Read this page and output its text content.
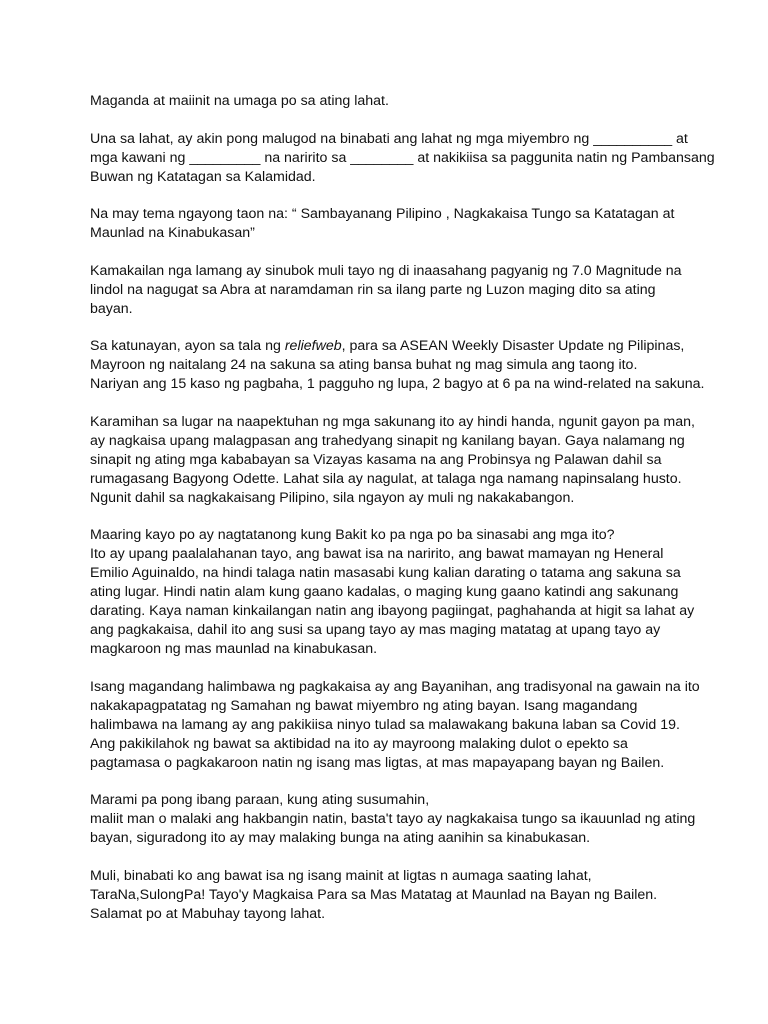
Maganda at maiinit na umaga po sa ating lahat.

Una sa lahat, ay akin pong malugod na binabati ang lahat ng mga miyembro ng __________ at
mga kawani ng _________ na naririto sa ________ at nakikiisa sa paggunita natin ng Pambansang
Buwan ng Katatagan sa Kalamidad.

Na may tema ngayong taon na: “ Sambayanang Pilipino , Nagkakaisa Tungo sa Katatagan at
Maunlad na Kinabukasan”

Kamakailan nga lamang ay sinubok muli tayo ng di inaasahang pagyanig ng 7.0 Magnitude na
lindol na nagugat sa Abra at naramdaman rin sa ilang parte ng Luzon maging dito sa ating
bayan.

Sa katunayan, ayon sa tala ng reliefweb, para sa ASEAN Weekly Disaster Update ng Pilipinas,
Mayroon ng naitalang 24 na sakuna sa ating bansa buhat ng mag simula ang taong ito.
Nariyan ang 15 kaso ng pagbaha, 1 pagguho ng lupa, 2 bagyo at 6 pa na wind-related na sakuna.

Karamihan sa lugar na naapektuhan ng mga sakunang ito ay hindi handa, ngunit gayon pa man,
ay nagkaisa upang malagpasan ang trahedyang sinapit ng kanilang bayan. Gaya nalamang ng
sinapit ng ating mga kababayan sa Vizayas kasama na ang Probinsya ng Palawan dahil sa
rumagasang Bagyong Odette. Lahat sila ay nagulat, at talaga nga namang napinsalang husto.
Ngunit dahil sa nagkakaisang Pilipino, sila ngayon ay muli ng nakakabangon.

Maaring kayo po ay nagtatanong kung Bakit ko pa nga po ba sinasabi ang mga ito?
Ito ay upang paalalahanan tayo, ang bawat isa na naririto, ang bawat mamayan ng Heneral
Emilio Aguinaldo, na hindi talaga natin masasabi kung kalian darating o tatama ang sakuna sa
ating lugar. Hindi natin alam kung gaano kadalas, o maging kung gaano katindi ang sakunang
darating. Kaya naman kinkailangan natin ang ibayong pagiingat, paghahanda at higit sa lahat ay
ang pagkakaisa, dahil ito ang susi sa upang tayo ay mas maging matatag at upang tayo ay
magkaroon ng mas maunlad na kinabukasan.

Isang magandang halimbawa ng pagkakaisa ay ang Bayanihan, ang tradisyonal na gawain na ito
nakakapagpatatag ng Samahan ng bawat miyembro ng ating bayan. Isang magandang
halimbawa na lamang ay ang pakikiisa ninyo tulad sa malawakang bakuna laban sa Covid 19.
Ang pakikilahok ng bawat sa aktibidad na ito ay mayroong malaking dulot o epekto sa
pagtamasa o pagkakaroon natin ng isang mas ligtas, at mas mapayapang bayan ng Bailen.

Marami pa pong ibang paraan, kung ating susumahin,
maliit man o malaki ang hakbangin natin, basta't tayo ay nagkakaisa tungo sa ikauunlad ng ating
bayan, siguradong ito ay may malaking bunga na ating aanihin sa kinabukasan.

Muli, binabati ko ang bawat isa ng isang mainit at ligtas n aumaga saating lahat,
TaraNa,SulongPa! Tayo'y Magkaisa Para sa Mas Matatag at Maunlad na Bayan ng Bailen.
Salamat po at Mabuhay tayong lahat.
